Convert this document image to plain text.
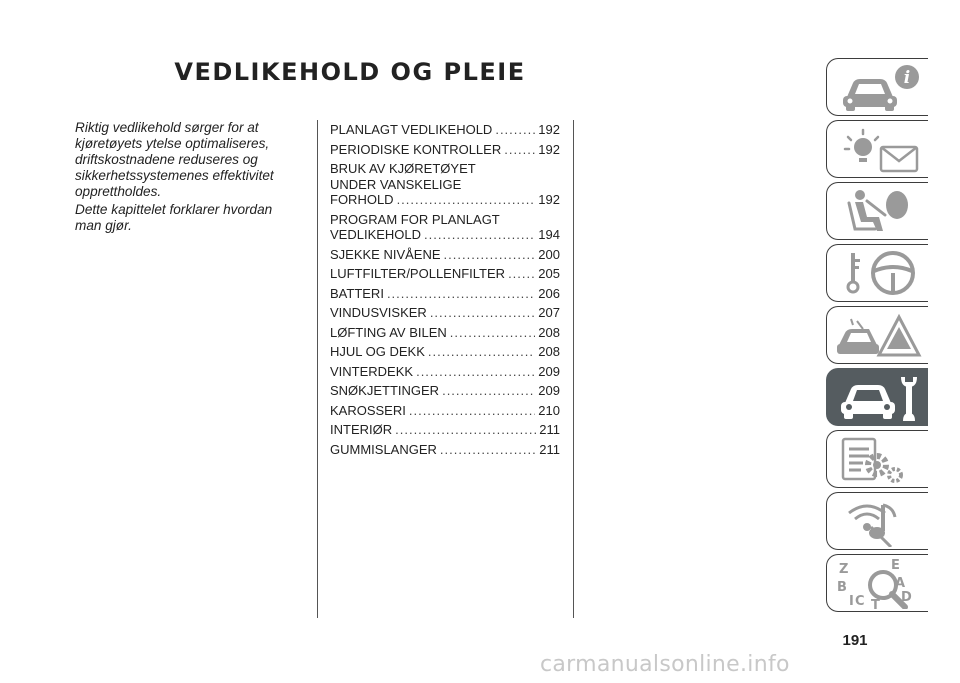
VEDLIKEHOLD OG PLEIE

Riktig vedlikehold sørger for at kjøretøyets ytelse optimaliseres, driftskostnadene reduseres og sikkerhetssystemenes effektivitet opprettholdes.

Dette kapittelet forklarer hvordan man gjør.

PLANLAGT VEDLIKEHOLD .....	192
PERIODISKE KONTROLLER .....	192
BRUK AV KJØRETØYET
UNDER VANSKELIGE
FORHOLD .....	192
PROGRAM FOR PLANLAGT
VEDLIKEHOLD .....	194
SJEKKE NIVÅENE .....	200
LUFTFILTER/POLLENFILTER .....	205
BATTERI .....	206
VINDUSVISKER .....	207
LØFTING AV BILEN .....	208
HJUL OG DEKK .....	208
VINTERDEKK .....	209
SNØKJETTINGER .....	209
KAROSSERI .....	210
INTERIØR .....	211
GUMMISLANGER .....	211
i
Z	E
A
B
D
C T
I
191
carmanualsonline.info
